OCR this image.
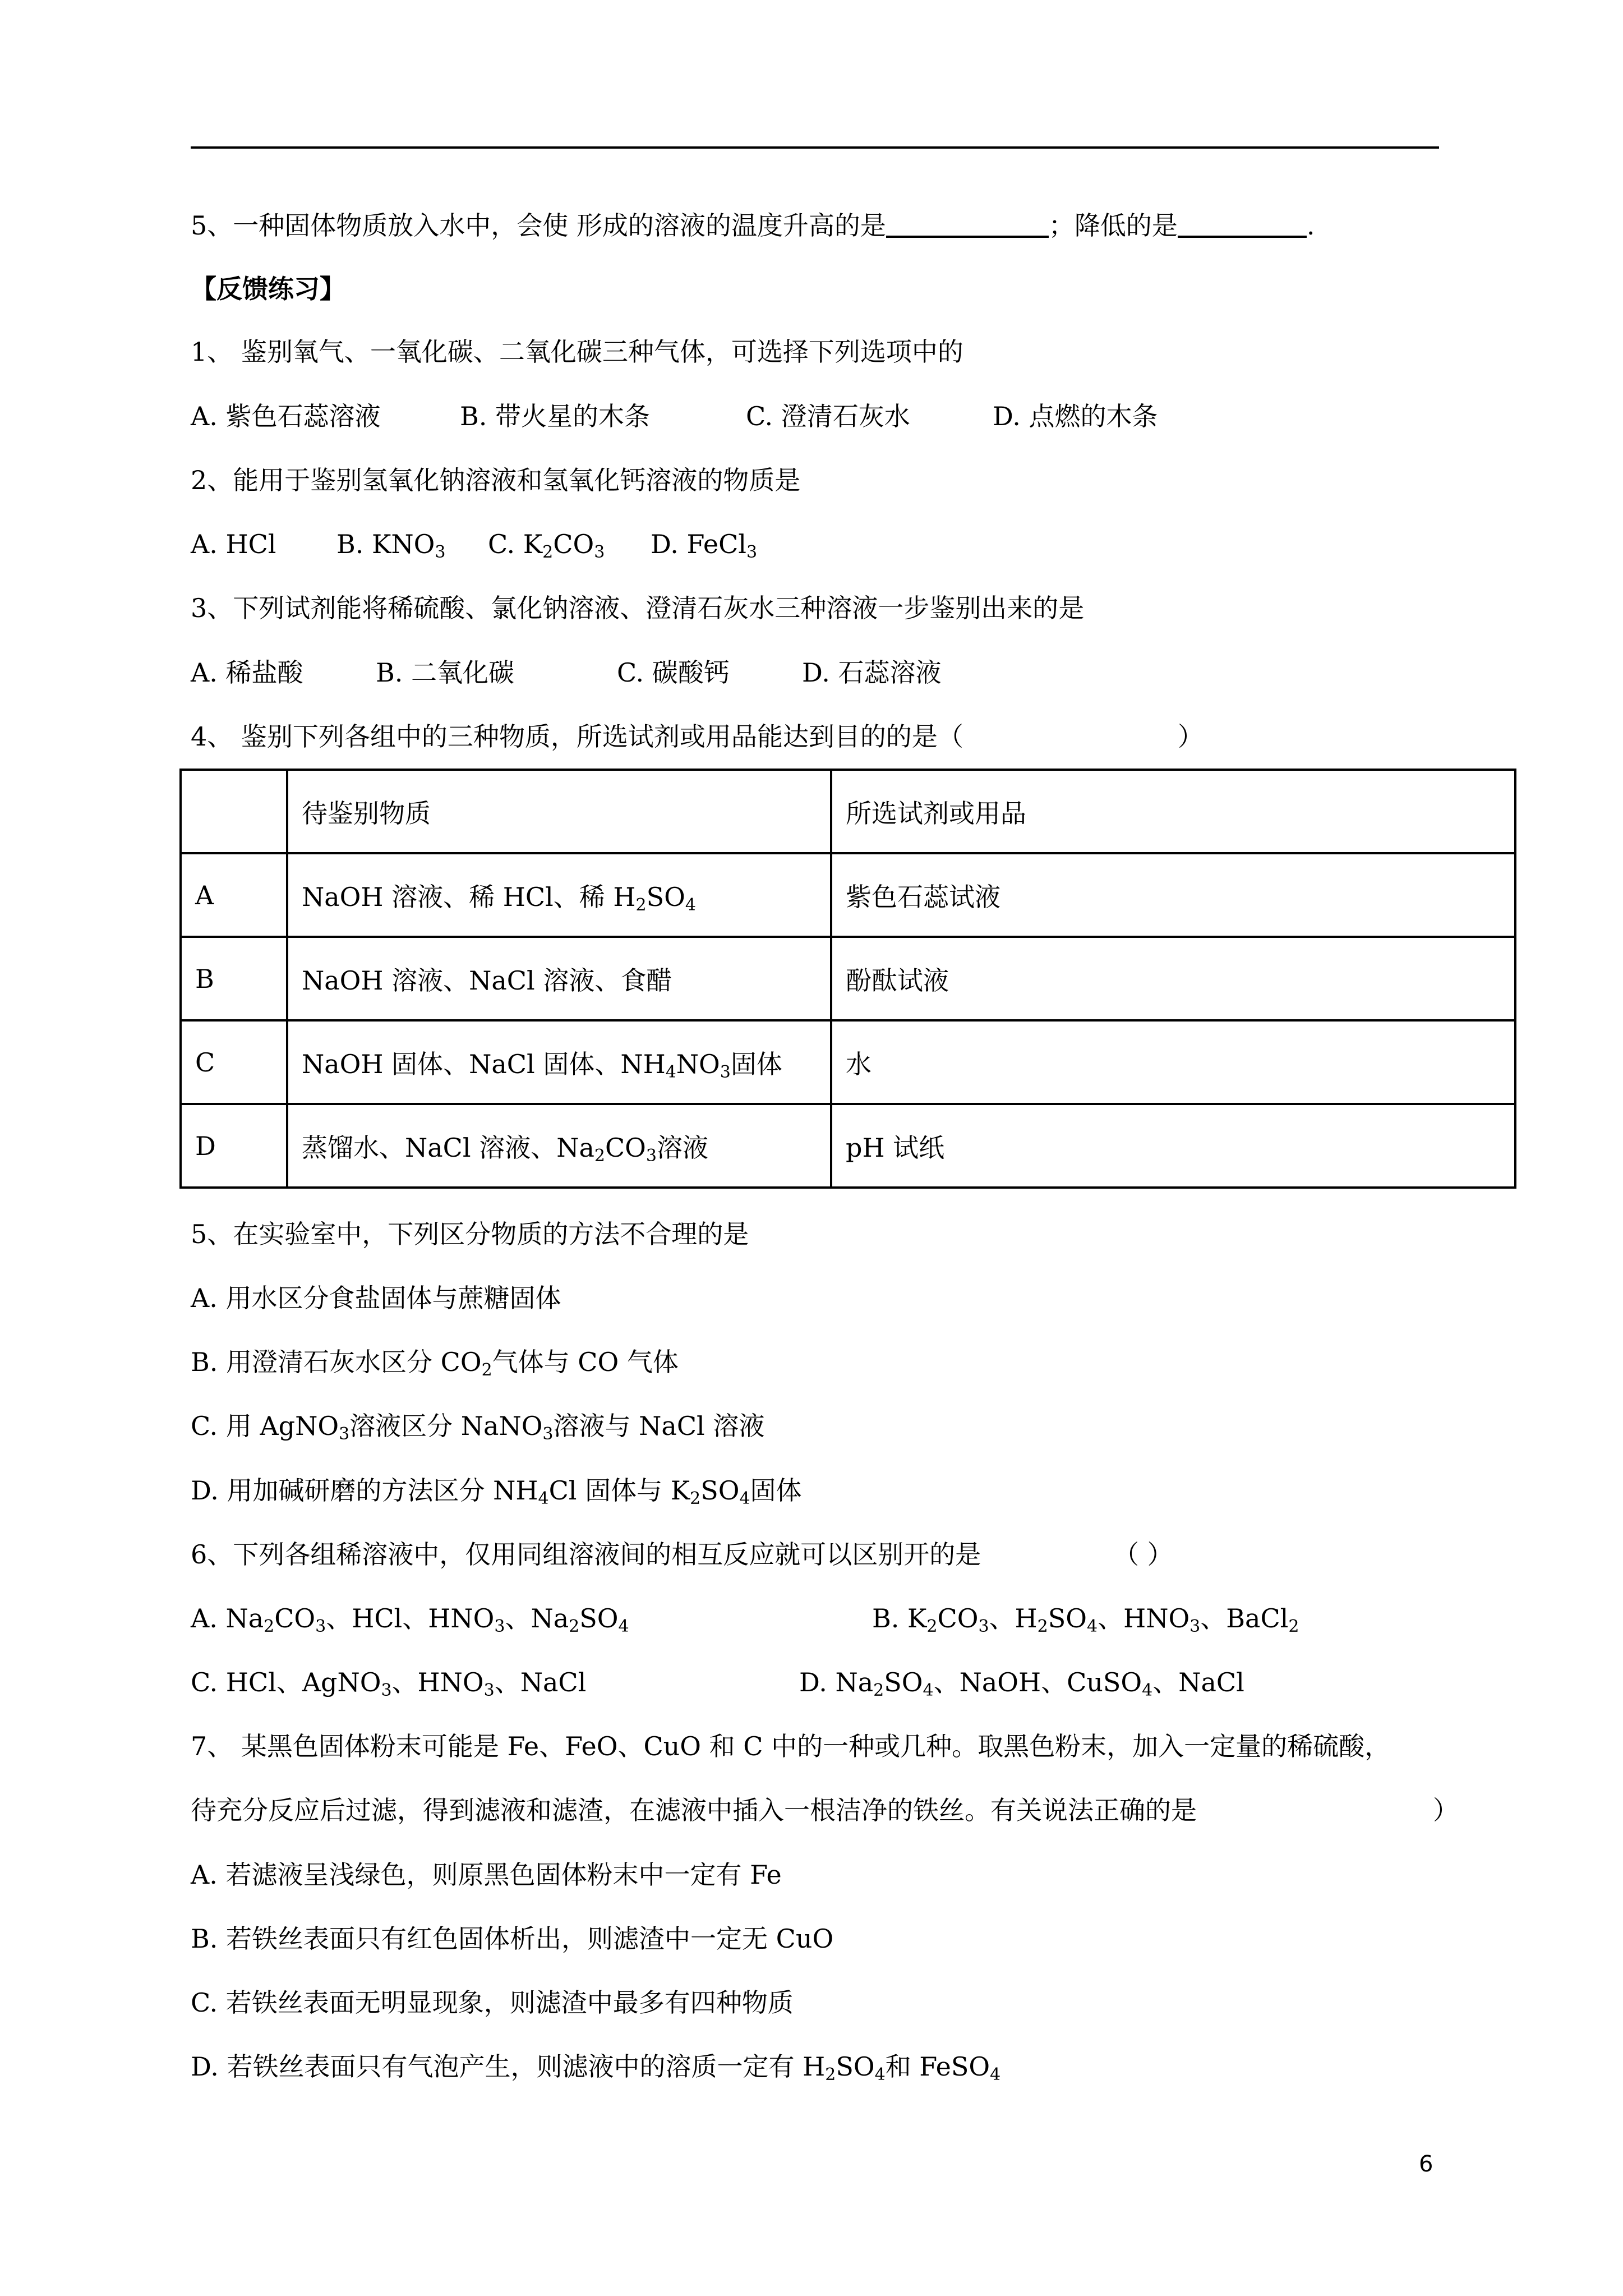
5、一种固体物质放入水中，会使 形成的溶液的温度升高的是	；降低的是	.
【反馈练习】
1、 鉴别氧气、一氧化碳、二氧化碳三种气体，可选择下列选项中的
A. 紫色石蕊溶液	B. 带火星的木条	C. 澄清石灰水	D. 点燃的木条
2、能用于鉴别氢氧化钠溶液和氢氧化钙溶液的物质是
A. HCl B. $KNO_3$ C. $K_2CO_3$ D. FeCl$_3$
3、下列试剂能将稀硫酸、氯化钠溶液、澄清石灰水三种溶液一步鉴别出来的是
A. 稀盐酸	B. 二氧化碳	C. 碳酸钙	D. 石蕊溶液
4、 鉴别下列各组中的三种物质，所选试剂或用品能达到目的的是（	）
	待鉴别物质	所选试剂或用品
A	NaOH 溶液、稀 HCl、稀 $H_2SO_4$	紫色石蕊试液
B	NaOH 溶液、NaCl 溶液、食醋	酚酞试液
C	NaOH 固体、NaCl 固体、$NH_4NO_3$固体	水
D	蒸馏水、NaCl 溶液、$Na_2CO_3$溶液	pH 试纸
5、在实验室中，下列区分物质的方法不合理的是
A. 用水区分食盐固体与蔗糖固体
B. 用澄清石灰水区分 $CO_2$气体与 CO 气体
C. 用 AgNO$_3$溶液区分 NaNO$_3$溶液与 NaCl 溶液
D. 用加碱研磨的方法区分 $NH_4Cl$ 固体与 $K_2SO_4$固体
6、下列各组稀溶液中，仅用同组溶液间的相互反应就可以区别开的是	（ ）
A. $Na_2CO_3$、HCl、$HNO_3$、$Na_2SO_4$	B. $K_2CO_3$、$H_2SO_4$、$HNO_3$、BaCl$_2$
C. HCl、AgNO$_3$、$HNO_3$、NaCl	D. $Na_2SO_4$、NaOH、CuSO$_4$、NaCl
7、 某黑色固体粉末可能是 Fe、FeO、CuO 和 C 中的一种或几种。取黑色粉末，加入一定量的稀硫酸，
待充分反应后过滤，得到滤液和滤渣，在滤液中插入一根洁净的铁丝。有关说法正确的是	）
A. 若滤液呈浅绿色，则原黑色固体粉末中一定有 Fe
B. 若铁丝表面只有红色固体析出，则滤渣中一定无 CuO
C. 若铁丝表面无明显现象，则滤渣中最多有四种物质
D. 若铁丝表面只有气泡产生，则滤液中的溶质一定有 $H_2SO_4$和 FeSO$_4$
6
